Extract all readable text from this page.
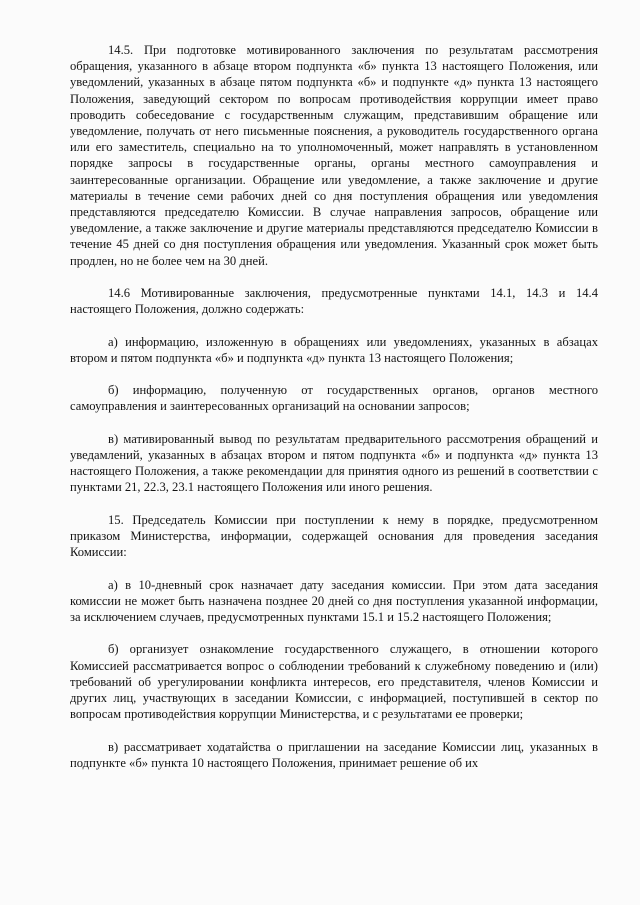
14.5. При подготовке мотивированного заключения по результатам рассмотрения обращения, указанного в абзаце втором подпункта «б» пункта 13 настоящего Положения, или уведомлений, указанных в абзаце пятом подпункта «б» и подпункте «д» пункта 13 настоящего Положения, заведующий сектором по вопросам противодействия коррупции имеет право проводить собеседование с государственным служащим, представившим обращение или уведомление, получать от него письменные пояснения, а руководитель государственного органа или его заместитель, специально на то уполномоченный, может направлять в установленном порядке запросы в государственные органы, органы местного самоуправления и заинтересованные организации. Обращение или уведомление, а также заключение и другие материалы в течение семи рабочих дней со дня поступления обращения или уведомления представляются председателю Комиссии. В случае направления запросов, обращение или уведомление, а также заключение и другие материалы представляются председателю Комиссии в течение 45 дней со дня поступления обращения или уведомления. Указанный срок может быть продлен, но не более чем на 30 дней.

14.6 Мотивированные заключения, предусмотренные пунктами 14.1, 14.3 и 14.4 настоящего Положения, должно содержать:

а) информацию, изложенную в обращениях или уведомлениях, указанных в абзацах втором и пятом подпункта «б» и подпункта «д» пункта 13 настоящего Положения;

б) информацию, полученную от государственных органов, органов местного самоуправления и заинтересованных организаций на основании запросов;

в) мативированный вывод по результатам предварительного рассмотрения обращений и уведамлений, указанных в абзацах втором и пятом подпункта «б» и подпункта «д» пункта 13 настоящего Положения, а также рекомендации для принятия одного из решений в соответствии с пунктами 21, 22.3, 23.1 настоящего Положения или иного решения.

15. Председатель Комиссии при поступлении к нему в порядке, предусмотренном приказом Министерства, информации, содержащей основания для проведения заседания Комиссии:

а) в 10-дневный срок назначает дату заседания комиссии. При этом дата заседания комиссии не может быть назначена позднее 20 дней со дня поступления указанной информации, за исключением случаев, предусмотренных пунктами 15.1 и 15.2 настоящего Положения;

б) организует ознакомление государственного служащего, в отношении которого Комиссией рассматривается вопрос о соблюдении требований к служебному поведению и (или) требований об урегулировании конфликта интересов, его представителя, членов Комиссии и других лиц, участвующих в заседании Комиссии, с информацией, поступившей в сектор по вопросам противодействия коррупции Министерства, и с результатами ее проверки;

в) рассматривает ходатайства о приглашении на заседание Комиссии лиц, указанных в подпункте «б» пункта 10 настоящего Положения, принимает решение об их
